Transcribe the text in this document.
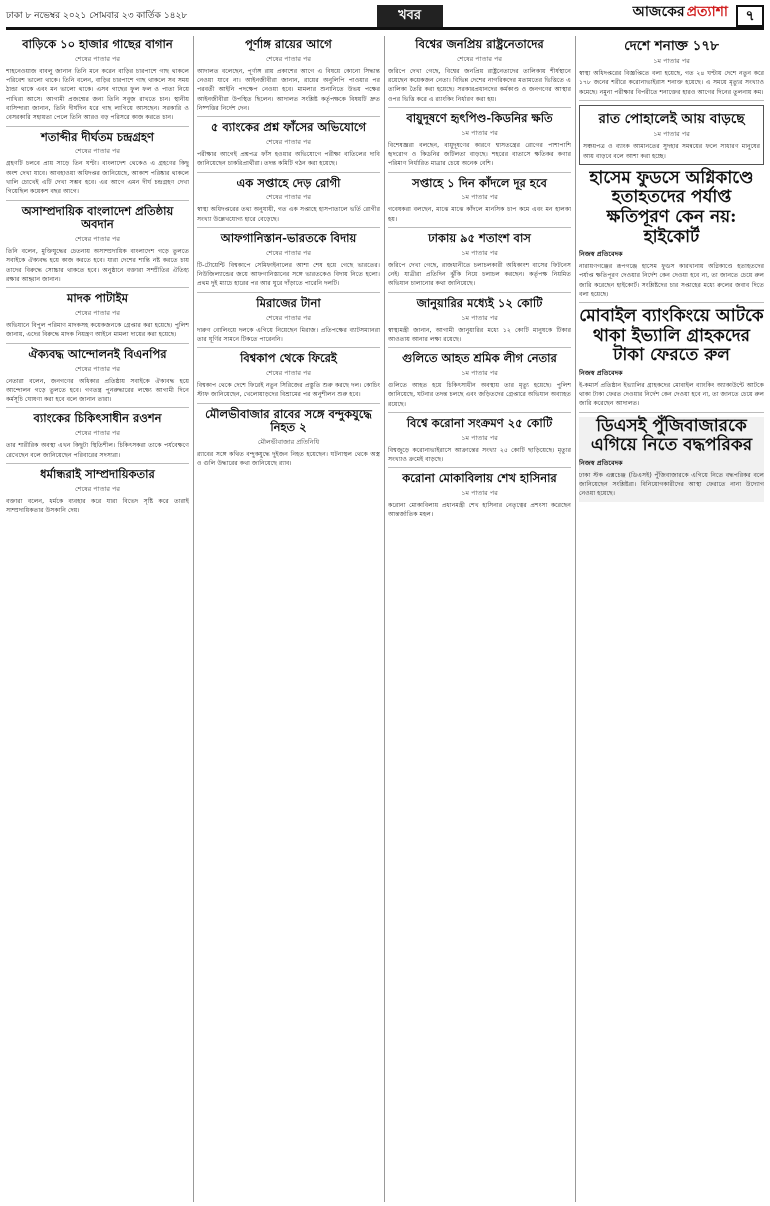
ঢাকা ৮ নভেম্বর ২০২১ সোমবার ২৩ কার্তিক ১৪২৮	খবর	আজকের প্রত্যাশা	৭
বাড়িকে ১০ হাজার গাছের বাগান
শেষের পাতার পর
শাহনেওয়াজ বাবলু জানান তিনি মনে করেন বাড়ির চারপাশে গাছ থাকলে পরিবেশ ভালো থাকে। তিনি বলেন, বাড়ির চারপাশে গাছ থাকলে সব সময় ঠান্ডা থাকে এবং মন ভালো থাকে। এসব গাছের ফুল ফল ও পাতা নিয়ে পাখিরা আসে। আগামী প্রজন্মের জন্য তিনি সবুজ রাখতে চান। স্থানীয় বাসিন্দারা জানান, তিনি দীর্ঘদিন ধরে গাছ লাগিয়ে আসছেন। সরকারি ও বেসরকারি সহায়তা পেলে তিনি আরও বড় পরিসরে কাজ করতে চান।
শতাব্দীর দীর্ঘতম চন্দ্রগ্রহণ
শেষের পাতার পর
গ্রহণটি চলবে প্রায় সাড়ে তিন ঘণ্টা। বাংলাদেশ থেকেও এ গ্রহণের কিছু অংশ দেখা যাবে। আবহাওয়া অধিদপ্তর জানিয়েছে, আকাশ পরিষ্কার থাকলে খালি চোখেই এটি দেখা সম্ভব হবে। এর আগে এমন দীর্ঘ চন্দ্রগ্রহণ দেখা গিয়েছিল কয়েকশ বছর আগে।
অসাম্প্রদায়িক বাংলাদেশ প্রতিষ্ঠায় অবদান
শেষের পাতার পর
তিনি বলেন, মুক্তিযুদ্ধের চেতনায় অসাম্প্রদায়িক বাংলাদেশ গড়ে তুলতে সবাইকে ঐক্যবদ্ধ হয়ে কাজ করতে হবে। যারা দেশের শান্তি নষ্ট করতে চায় তাদের বিরুদ্ধে সোচ্চার থাকতে হবে। অনুষ্ঠানে বক্তারা সম্প্রীতির ঐতিহ্য রক্ষার আহ্বান জানান।
মাদক পাটাইম
শেষের পাতার পর
অভিযানে বিপুল পরিমাণ মাদকসহ কয়েকজনকে গ্রেপ্তার করা হয়েছে। পুলিশ জানায়, এদের বিরুদ্ধে মাদক নিয়ন্ত্রণ আইনে মামলা দায়ের করা হয়েছে।
ঐক্যবদ্ধ আন্দোলনই বিএনপির
শেষের পাতার পর
নেতারা বলেন, জনগণের অধিকার প্রতিষ্ঠায় সবাইকে ঐক্যবদ্ধ হয়ে আন্দোলন গড়ে তুলতে হবে। গণতন্ত্র পুনরুদ্ধারের লক্ষ্যে আগামী দিনে কর্মসূচি ঘোষণা করা হবে বলে জানান তারা।
ব্যাংকের চিকিৎসাধীন রওশন
শেষের পাতার পর
তার শারীরিক অবস্থা এখন কিছুটা স্থিতিশীল। চিকিৎসকরা তাকে পর্যবেক্ষণে রেখেছেন বলে জানিয়েছেন পরিবারের সদস্যরা।
ধর্মান্ধরাই সাম্প্রদায়িকতার
শেষের পাতার পর
বক্তারা বলেন, ধর্মকে ব্যবহার করে যারা বিভেদ সৃষ্টি করে তারাই সাম্প্রদায়িকতার উসকানি দেয়।
পূর্ণাঙ্গ রায়ের আগে
শেষের পাতার পর
আদালত বলেছেন, পূর্ণাঙ্গ রায় প্রকাশের আগে এ বিষয়ে কোনো সিদ্ধান্ত নেওয়া যাবে না। আইনজীবীরা জানান, রায়ের অনুলিপি পাওয়ার পর পরবর্তী আইনি পদক্ষেপ নেওয়া হবে। মামলার শুনানিতে উভয় পক্ষের আইনজীবীরা উপস্থিত ছিলেন। আদালত সংশ্লিষ্ট কর্তৃপক্ষকে বিষয়টি দ্রুত নিষ্পত্তির নির্দেশ দেন।
৫ ব্যাংকের প্রশ্ন ফাঁসের অভিযোগে
শেষের পাতার পর
পরীক্ষার আগেই প্রশ্নপত্র ফাঁস হওয়ার অভিযোগে পরীক্ষা বাতিলের দাবি জানিয়েছেন চাকরিপ্রার্থীরা। তদন্ত কমিটি গঠন করা হয়েছে।
এক সপ্তাহে দেড় রোগী
শেষের পাতার পর
স্বাস্থ্য অধিদপ্তরের তথ্য অনুযায়ী, গত এক সপ্তাহে হাসপাতালে ভর্তি রোগীর সংখ্যা উল্লেখযোগ্য হারে বেড়েছে।
আফগানিস্তান-ভারতকে বিদায়
শেষের পাতার পর
টি-টোয়েন্টি বিশ্বকাপে সেমিফাইনালের আশা শেষ হয়ে গেছে ভারতের। নিউজিল্যান্ডের জয়ে আফগানিস্তানের সঙ্গে ভারতকেও বিদায় নিতে হলো। প্রথম দুই ম্যাচে হারের পর আর ঘুরে দাঁড়াতে পারেনি দলটি।
মিরাজের টানা
শেষের পাতার পর
দারুণ বোলিংয়ে দলকে এগিয়ে নিয়েছেন মিরাজ। প্রতিপক্ষের ব্যাটসম্যানরা তার ঘূর্ণির সামনে টিকতে পারেননি।
বিশ্বকাপ থেকে ফিরেই
শেষের পাতার পর
বিশ্বকাপ থেকে দেশে ফিরেই নতুন সিরিজের প্রস্তুতি শুরু করছে দল। কোচিং স্টাফ জানিয়েছেন, খেলোয়াড়দের বিশ্রামের পর অনুশীলন শুরু হবে।
মৌলভীবাজার রাবের সঙ্গে বন্দুকযুদ্ধে নিহত ২
মৌলভীবাজার প্রতিনিধি
র‌্যাবের সঙ্গে কথিত বন্দুকযুদ্ধে দুইজন নিহত হয়েছেন। ঘটনাস্থল থেকে অস্ত্র ও গুলি উদ্ধারের কথা জানিয়েছে র‌্যাব।
বিশ্বের জনপ্রিয় রাষ্ট্রনেতাদের
শেষের পাতার পর
জরিপে দেখা গেছে, বিশ্বের জনপ্রিয় রাষ্ট্রনেতাদের তালিকায় শীর্ষস্থানে রয়েছেন কয়েকজন নেতা। বিভিন্ন দেশের নাগরিকদের মতামতের ভিত্তিতে এ তালিকা তৈরি করা হয়েছে। সরকারপ্রধানদের কর্মকাণ্ড ও জনগণের আস্থার ওপর ভিত্তি করে এ র‌্যাংকিং নির্ধারণ করা হয়।
বায়ুদূষণে হৃৎপিণ্ড-কিডনির ক্ষতি
১ম পাতার পর
বিশেষজ্ঞরা বলছেন, বায়ুদূষণের কারণে শ্বাসতন্ত্রের রোগের পাশাপাশি হৃদরোগ ও কিডনির জটিলতা বাড়ছে। শহরের বাতাসে ক্ষতিকর কণার পরিমাণ নির্ধারিত মাত্রার চেয়ে অনেক বেশি।
সপ্তাহে ১ দিন কাঁদলে দূর হবে
১ম পাতার পর
গবেষকরা বলছেন, মাঝে মাঝে কাঁদলে মানসিক চাপ কমে এবং মন হালকা হয়।
ঢাকায় ৯৫ শতাংশ বাস
১ম পাতার পর
জরিপে দেখা গেছে, রাজধানীতে চলাচলকারী অধিকাংশ বাসের ফিটনেস নেই। যাত্রীরা প্রতিদিন ঝুঁকি নিয়ে চলাচল করছেন। কর্তৃপক্ষ নিয়মিত অভিযান চালানোর কথা জানিয়েছে।
জানুয়ারির মধ্যেই ১২ কোটি
১ম পাতার পর
স্বাস্থ্যমন্ত্রী জানান, আগামী জানুয়ারির মধ্যে ১২ কোটি মানুষকে টিকার আওতায় আনার লক্ষ্য রয়েছে।
গুলিতে আহত শ্রমিক লীগ নেতার
১ম পাতার পর
গুলিতে আহত হয়ে চিকিৎসাধীন অবস্থায় তার মৃত্যু হয়েছে। পুলিশ জানিয়েছে, ঘটনার তদন্ত চলছে এবং জড়িতদের গ্রেপ্তারে অভিযান অব্যাহত রয়েছে।
বিশ্বে করোনা সংক্রমণ ২৫ কোটি
১ম পাতার পর
বিশ্বজুড়ে করোনাভাইরাসে আক্রান্তের সংখ্যা ২৫ কোটি ছাড়িয়েছে। মৃত্যুর সংখ্যাও ক্রমেই বাড়ছে।
করোনা মোকাবিলায় শেখ হাসিনার
১ম পাতার পর
করোনা মোকাবিলায় প্রধানমন্ত্রী শেখ হাসিনার নেতৃত্বের প্রশংসা করেছেন আন্তর্জাতিক মহল।
দেশে শনাক্ত ১৭৮
১ম পাতার পর
স্বাস্থ্য অধিদপ্তরের বিজ্ঞপ্তিতে বলা হয়েছে, গত ২৪ ঘণ্টায় দেশে নতুন করে ১৭৮ জনের শরীরে করোনাভাইরাস শনাক্ত হয়েছে। এ সময়ে মৃত্যুর সংখ্যাও কমেছে। নমুনা পরীক্ষার বিপরীতে শনাক্তের হারও আগের দিনের তুলনায় কম।
রাত পোহালেই আয় বাড়ছে
১ম পাতার পর
সঞ্চয়পত্র ও ব্যাংক আমানতের সুদহার সমন্বয়ের ফলে সাধারণ মানুষের আয় বাড়বে বলে আশা করা হচ্ছে।
হাসেম ফুডসে অগ্নিকাণ্ডে হতাহতদের পর্যাপ্ত ক্ষতিপূরণ কেন নয়: হাইকোর্ট
নিজস্ব প্রতিবেদক
নারায়ণগঞ্জের রূপগঞ্জে হাসেম ফুডস কারখানায় অগ্নিকাণ্ডে হতাহতদের পর্যাপ্ত ক্ষতিপূরণ দেওয়ার নির্দেশ কেন দেওয়া হবে না, তা জানতে চেয়ে রুল জারি করেছেন হাইকোর্ট। সংশ্লিষ্টদের চার সপ্তাহের মধ্যে রুলের জবাব দিতে বলা হয়েছে।
মোবাইল ব্যাংকিংয়ে আটকে থাকা ইভ্যালি গ্রাহকদের টাকা ফেরতে রুল
নিজস্ব প্রতিবেদক
ই-কমার্স প্রতিষ্ঠান ইভ্যালির গ্রাহকদের মোবাইল ব্যাংকিং অ্যাকাউন্টে আটকে থাকা টাকা ফেরত দেওয়ার নির্দেশ কেন দেওয়া হবে না, তা জানতে চেয়ে রুল জারি করেছেন আদালত।
ডিএসই পুঁজিবাজারকে এগিয়ে নিতে বদ্ধপরিকর
নিজস্ব প্রতিবেদক
ঢাকা স্টক এক্সচেঞ্জ (ডিএসই) পুঁজিবাজারকে এগিয়ে নিতে বদ্ধপরিকর বলে জানিয়েছেন সংশ্লিষ্টরা। বিনিয়োগকারীদের আস্থা ফেরাতে নানা উদ্যোগ নেওয়া হয়েছে।
